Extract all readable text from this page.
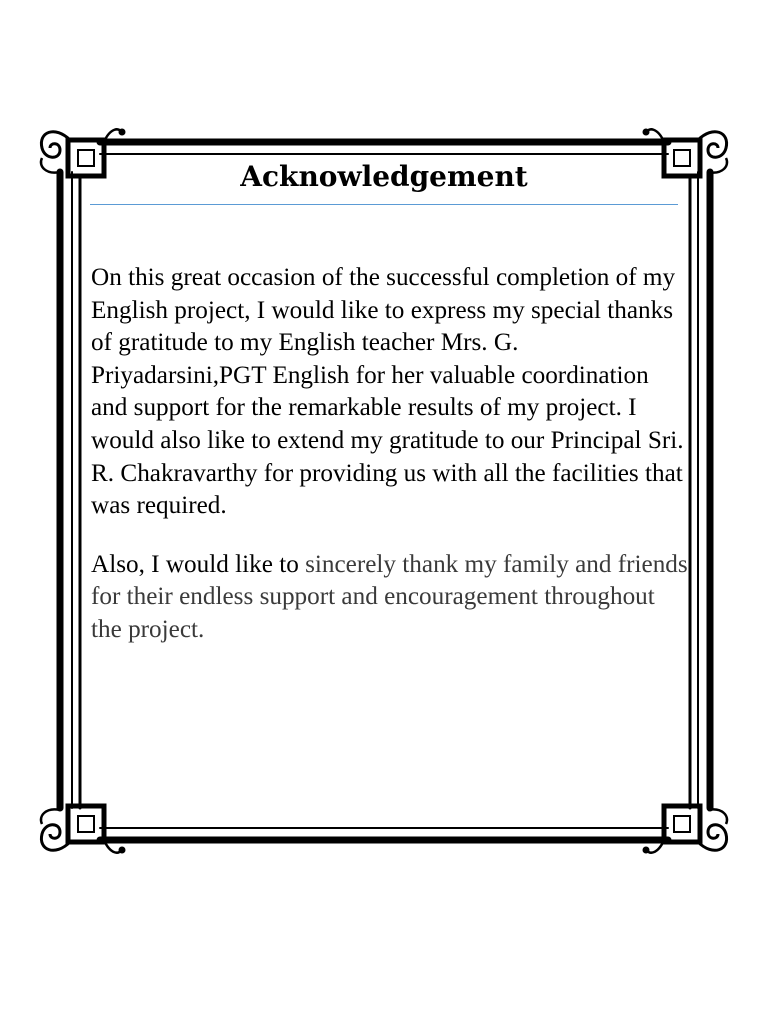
Acknowledgement

On this great occasion of the successful completion of my  English project, I would like to express my special thanks of gratitude to my English teacher Mrs. G. Priyadarsini,PGT English for her valuable coordination and support for the remarkable results of my project. I would also like to extend my gratitude to our Principal Sri. R. Chakravarthy for providing us with all the facilities that was required.

Also, I would like to sincerely thank my family and friends for their endless support and encouragement throughout the project.
